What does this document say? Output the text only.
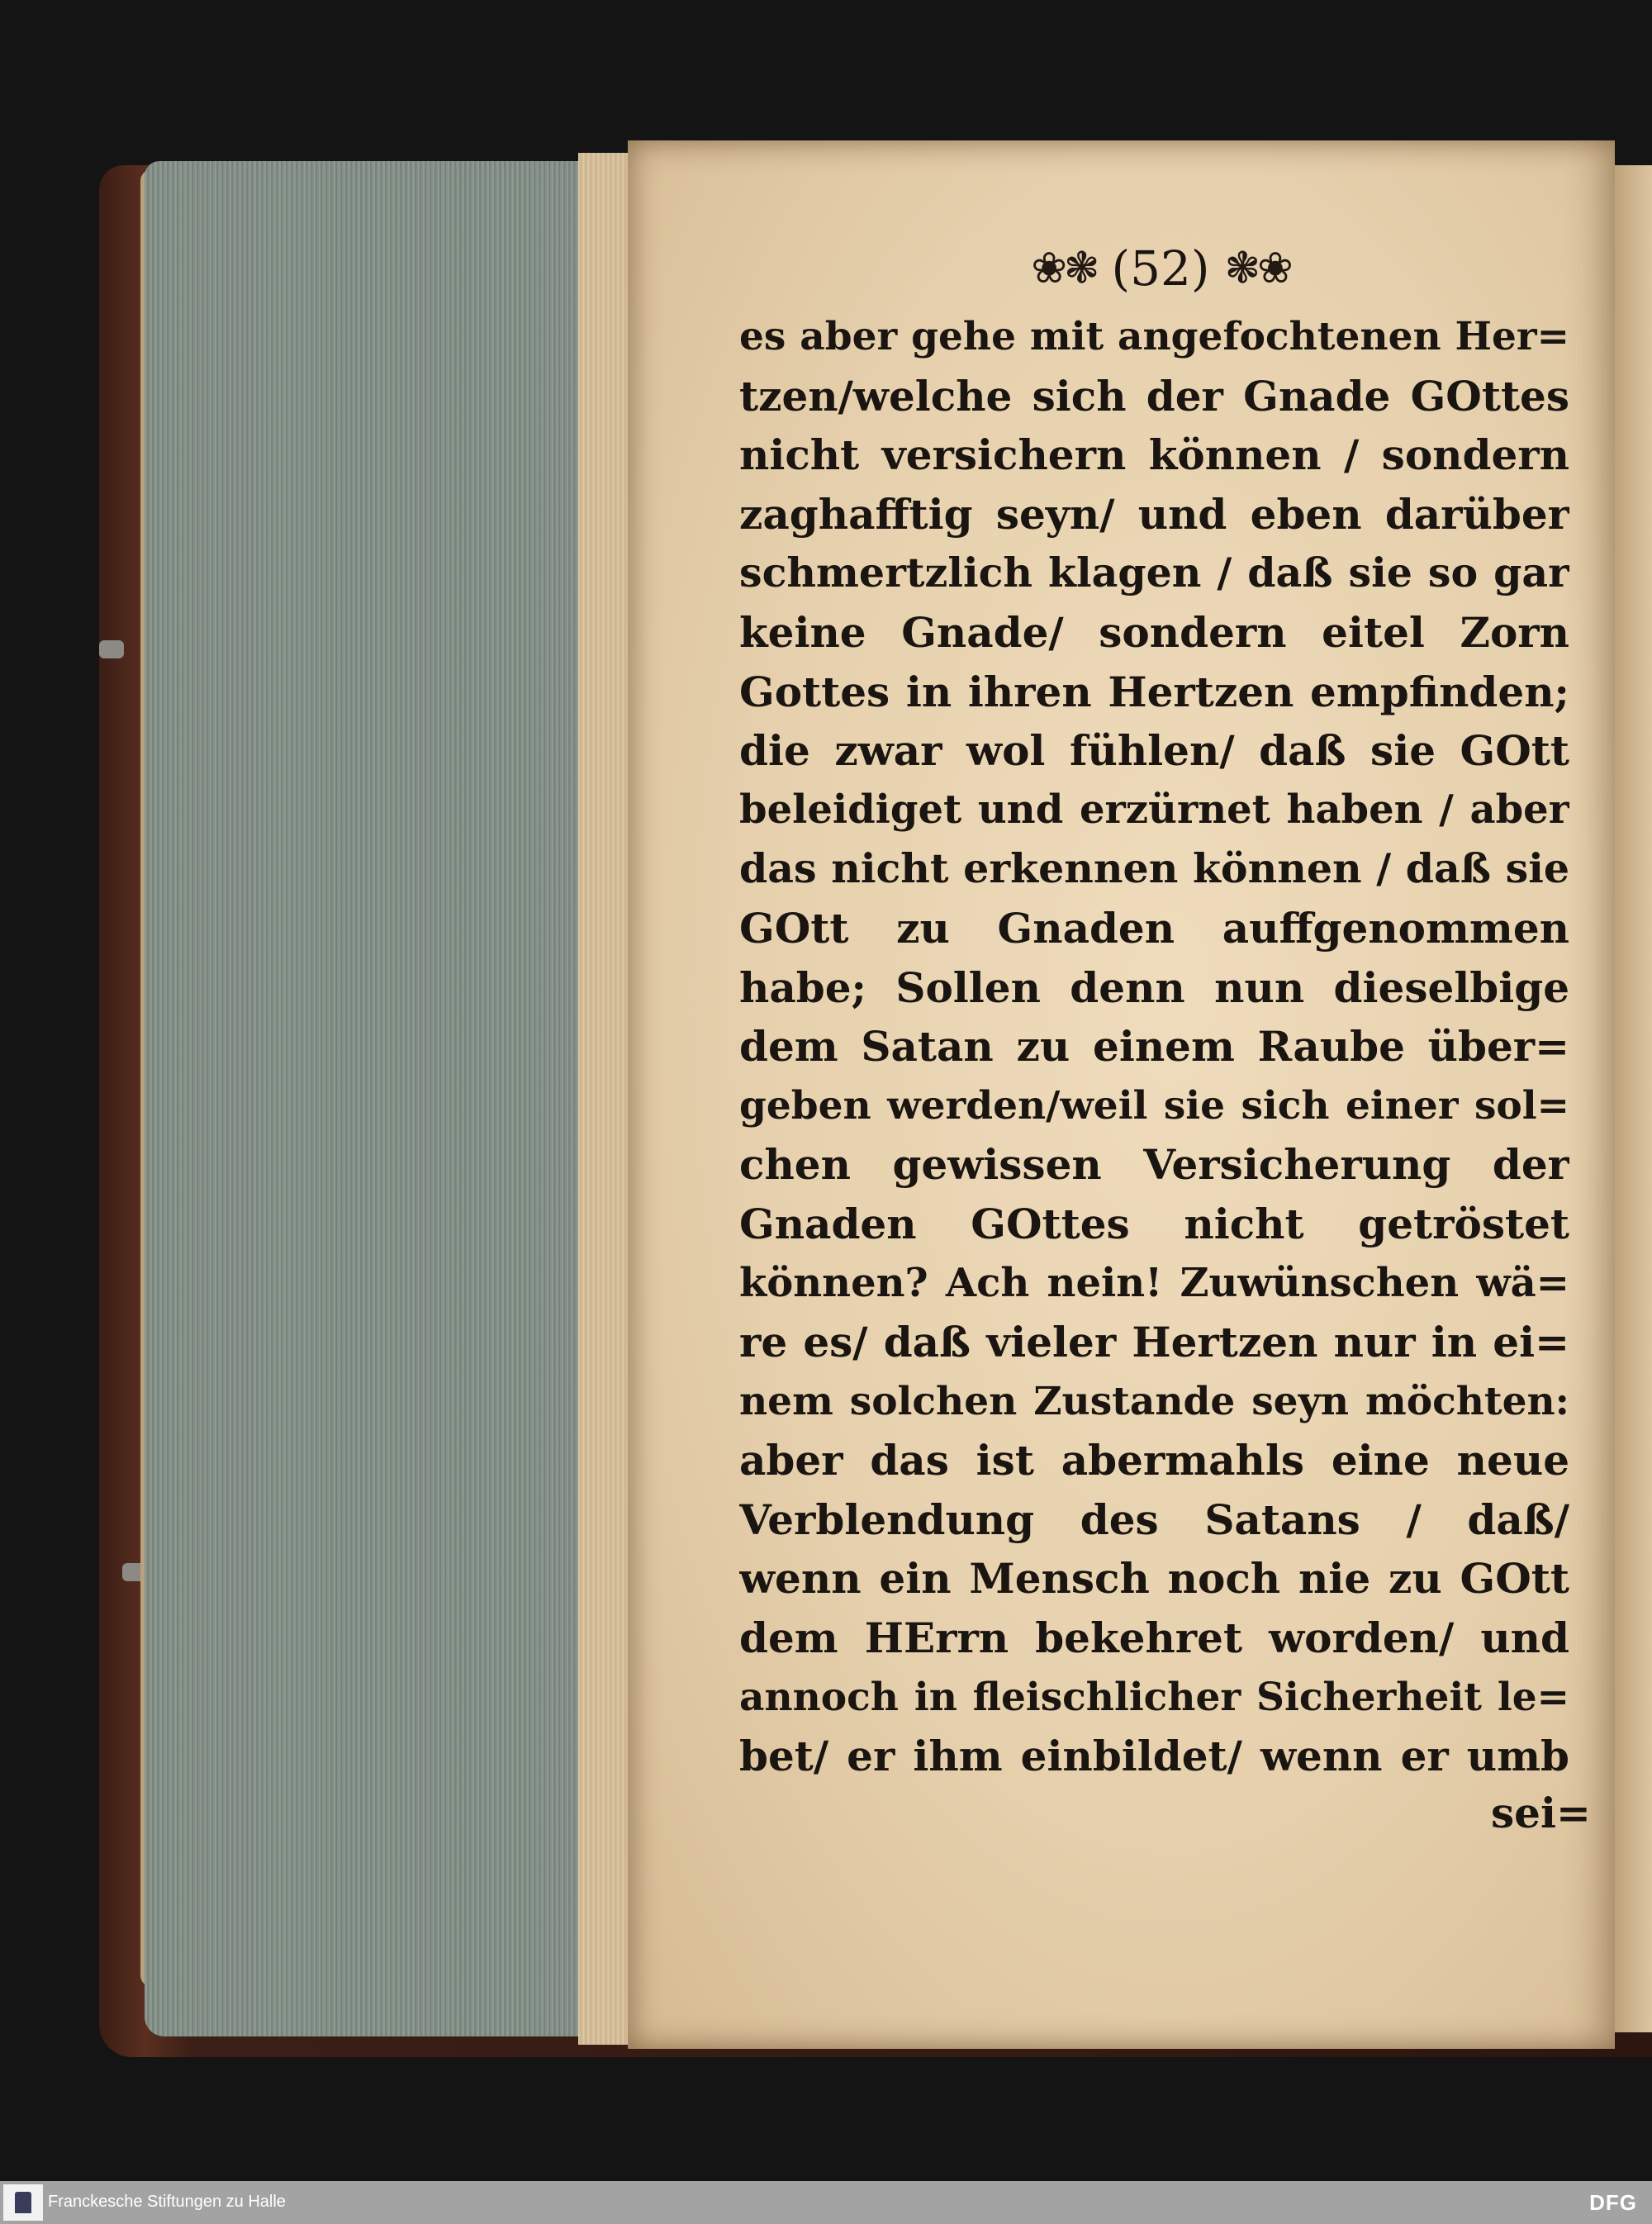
❀❃ (52) ❃❀
es aber gehe mit angefochtenen Her=
tzen/welche sich der Gnade GOttes
nicht versichern können / sondern
zaghafftig seyn/ und eben darüber
schmertzlich klagen / daß sie so gar
keine Gnade/ sondern eitel Zorn
Gottes in ihren Hertzen empfinden;
die zwar wol fühlen/ daß sie GOtt
beleidiget und erzürnet haben / aber
das nicht erkennen können / daß sie
GOtt zu Gnaden auffgenommen
habe; Sollen denn nun dieselbige
dem Satan zu einem Raube über=
geben werden/weil sie sich einer sol=
chen gewissen Versicherung der
Gnaden GOttes nicht getröstet
können? Ach nein! Zuwünschen wä=
re es/ daß vieler Hertzen nur in ei=
nem solchen Zustande seyn möchten:
aber das ist abermahls eine neue
Verblendung des Satans / daß/
wenn ein Mensch noch nie zu GOtt
dem HErrn bekehret worden/ und
annoch in fleischlicher Sicherheit le=
bet/ er ihm einbildet/ wenn er umb
sei=
Franckesche Stiftungen zu Halle	DFG
